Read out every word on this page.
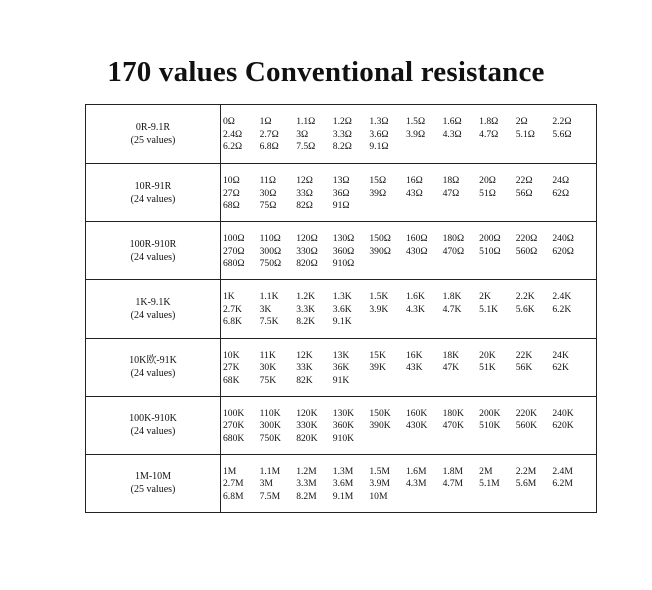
170 values Conventional resistance
0R-9.1R
(25 values)
0Ω	1Ω	1.1Ω	1.2Ω	1.3Ω	1.5Ω	1.6Ω	1.8Ω	2Ω	2.2Ω
2.4Ω	2.7Ω	3Ω	3.3Ω	3.6Ω	3.9Ω	4.3Ω	4.7Ω	5.1Ω	5.6Ω
6.2Ω	6.8Ω	7.5Ω	8.2Ω	9.1Ω
10R-91R
(24 values)
10Ω	11Ω	12Ω	13Ω	15Ω	16Ω	18Ω	20Ω	22Ω	24Ω
27Ω	30Ω	33Ω	36Ω	39Ω	43Ω	47Ω	51Ω	56Ω	62Ω
68Ω	75Ω	82Ω	91Ω
100R-910R
(24 values)
100Ω	110Ω	120Ω	130Ω	150Ω	160Ω	180Ω	200Ω	220Ω	240Ω
270Ω	300Ω	330Ω	360Ω	390Ω	430Ω	470Ω	510Ω	560Ω	620Ω
680Ω	750Ω	820Ω	910Ω
1K-9.1K
(24 values)
1K	1.1K	1.2K	1.3K	1.5K	1.6K	1.8K	2K	2.2K	2.4K
2.7K	3K	3.3K	3.6K	3.9K	4.3K	4.7K	5.1K	5.6K	6.2K
6.8K	7.5K	8.2K	9.1K
10K欧-91K
(24 values)
10K	11K	12K	13K	15K	16K	18K	20K	22K	24K
27K	30K	33K	36K	39K	43K	47K	51K	56K	62K
68K	75K	82K	91K
100K-910K
(24 values)
100K	110K	120K	130K	150K	160K	180K	200K	220K	240K
270K	300K	330K	360K	390K	430K	470K	510K	560K	620K
680K	750K	820K	910K
1M-10M
(25 values)
1M	1.1M	1.2M	1.3M	1.5M	1.6M	1.8M	2M	2.2M	2.4M
2.7M	3M	3.3M	3.6M	3.9M	4.3M	4.7M	5.1M	5.6M	6.2M
6.8M	7.5M	8.2M	9.1M	10M
